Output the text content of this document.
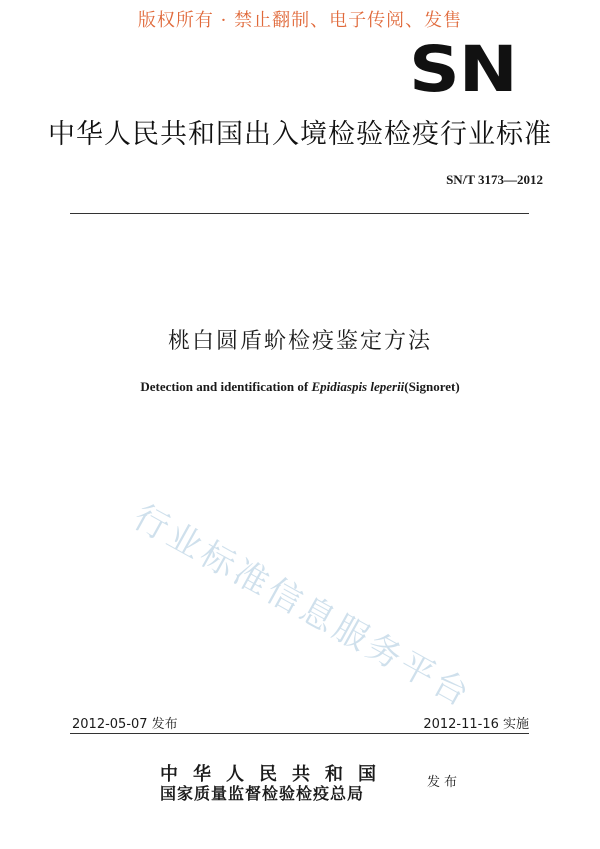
版权所有 · 禁止翻制、电子传阅、发售
SN
中华人民共和国出入境检验检疫行业标准
SN/T 3173—2012
桃白圆盾蚧检疫鉴定方法
Detection and identification of Epidiaspis leperii(Signoret)
行业标准信息服务平台
2012-05-07 发布	2012-11-16 实施
中华人民共和国
国家质量监督检验检疫总局
发布
